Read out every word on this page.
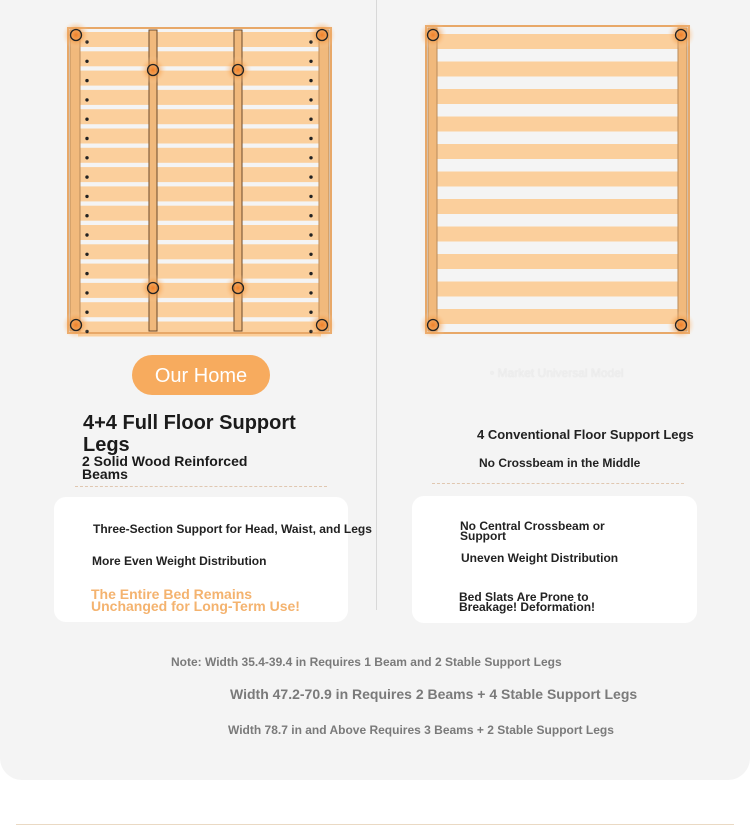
Our Home	• Market Universal Model
4+4 Full Floor Support Legs
2 Solid Wood Reinforced Beams
4 Conventional Floor Support Legs
No Crossbeam in the Middle
Three-Section Support for Head, Waist, and Legs
More Even Weight Distribution
The Entire Bed Remains Unchanged for Long-Term Use!
No Central Crossbeam or Support
Uneven Weight Distribution
Bed Slats Are Prone to Breakage! Deformation!
Note: Width 35.4-39.4 in Requires 1 Beam and 2 Stable Support Legs
Width 47.2-70.9 in Requires 2 Beams + 4 Stable Support Legs
Width 78.7 in and Above Requires 3 Beams + 2 Stable Support Legs
